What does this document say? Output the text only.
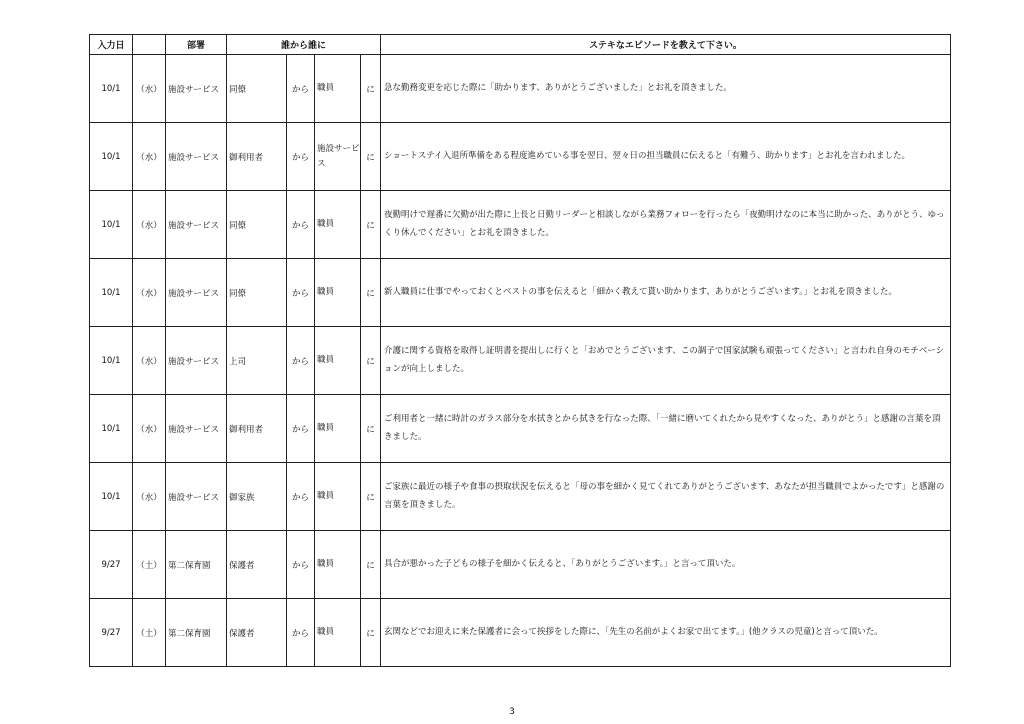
入力日		部署	誰から誰に				ステキなエピソードを教えて下さい。
10/1	（水）	施設サービス	同僚	から	職員	に	急な勤務変更を応じた際に「助かります、ありがとうございました」とお礼を頂きました。
10/1	（水）	施設サービス	御利用者	から	施設サービス	に	ショートステイ入退所準備をある程度進めている事を翌日、翌々日の担当職員に伝えると「有難う、助かります」とお礼を言われました。
10/1	（水）	施設サービス	同僚	から	職員	に	夜勤明けで遅番に欠勤が出た際に上長と日勤リーダーと相談しながら業務フォローを行ったら「夜勤明けなのに本当に助かった、ありがとう、ゆっくり休んでください」とお礼を頂きました。
10/1	（水）	施設サービス	同僚	から	職員	に	新人職員に仕事でやっておくとベストの事を伝えると「細かく教えて貰い助かります、ありがとうございます。」とお礼を頂きました。
10/1	（水）	施設サービス	上司	から	職員	に	介護に関する資格を取得し証明書を提出しに行くと「おめでとうございます、この調子で国家試験も頑張ってください」と言われ自身のモチベーションが向上しました。
10/1	（水）	施設サービス	御利用者	から	職員	に	ご利用者と一緒に時計のガラス部分を水拭きとから拭きを行なった際、「一緒に磨いてくれたから見やすくなった、ありがとう」と感謝の言葉を頂きました。
10/1	（水）	施設サービス	御家族	から	職員	に	ご家族に最近の様子や食事の摂取状況を伝えると「母の事を細かく見てくれてありがとうございます、あなたが担当職員でよかったです」と感謝の言葉を頂きました。
9/27	（土）	第二保育園	保護者	から	職員	に	具合が悪かった子どもの様子を細かく伝えると、「ありがとうございます。」と言って頂いた。
9/27	（土）	第二保育園	保護者	から	職員	に	玄関などでお迎えに来た保護者に会って挨拶をした際に、「先生の名前がよくお家で出てます。」(他クラスの児童)と言って頂いた。
3
